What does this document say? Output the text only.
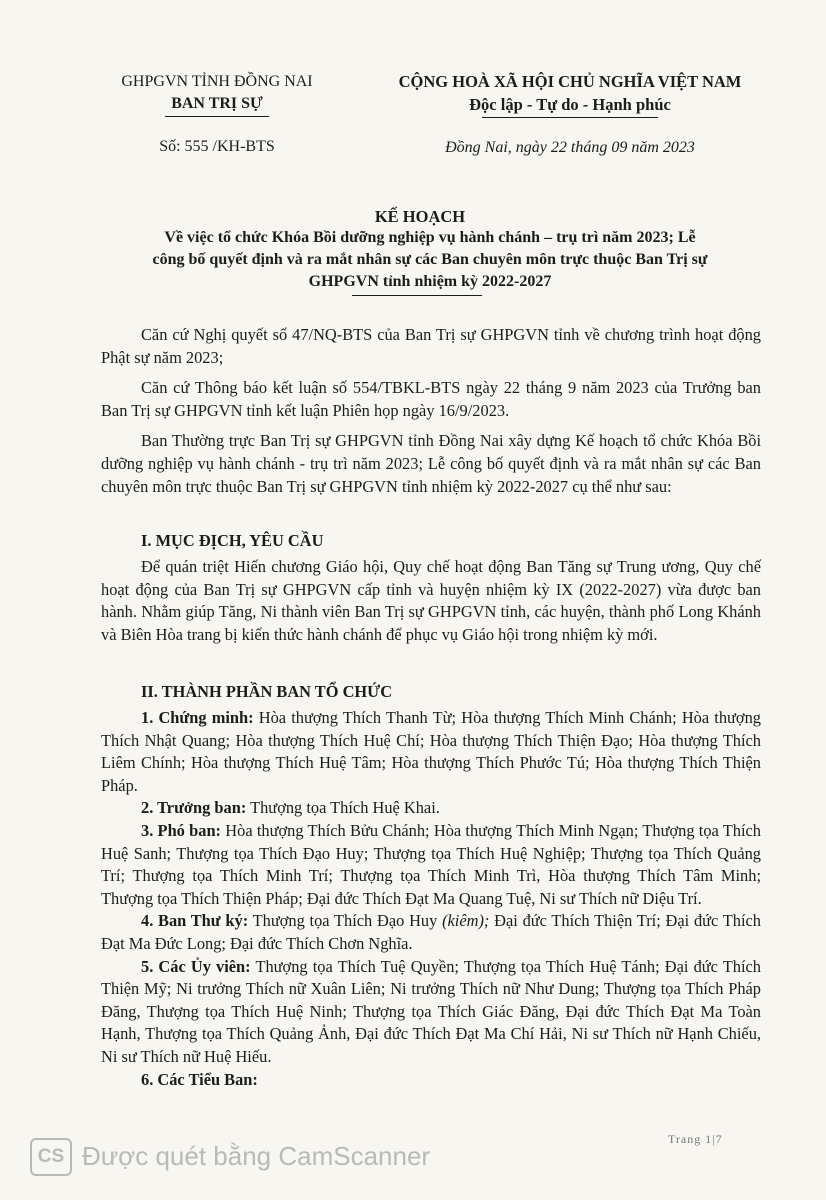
GHPGVN TỈNH ĐỒNG NAI
BAN TRỊ SỰ
Số: 555 /KH-BTS
CỘNG HOÀ XÃ HỘI CHỦ NGHĨA VIỆT NAM
Độc lập - Tự do - Hạnh phúc
Đồng Nai, ngày 22 tháng 09 năm 2023
KẾ HOẠCH
Về việc tổ chức Khóa Bồi dưỡng nghiệp vụ hành chánh – trụ trì năm 2023; Lễ
công bố quyết định và ra mắt nhân sự các Ban chuyên môn trực thuộc Ban Trị sự
GHPGVN tỉnh nhiệm kỳ 2022-2027

Căn cứ Nghị quyết số 47/NQ-BTS của Ban Trị sự GHPGVN tỉnh về chương trình hoạt động Phật sự năm 2023;

Căn cứ Thông báo kết luận số 554/TBKL-BTS ngày 22 tháng 9 năm 2023 của Trưởng ban Ban Trị sự GHPGVN tỉnh kết luận Phiên họp ngày 16/9/2023.

Ban Thường trực Ban Trị sự GHPGVN tỉnh Đồng Nai xây dựng Kế hoạch tổ chức Khóa Bồi dưỡng nghiệp vụ hành chánh - trụ trì năm 2023; Lễ công bố quyết định và ra mắt nhân sự các Ban chuyên môn trực thuộc Ban Trị sự GHPGVN tỉnh nhiệm kỳ 2022-2027 cụ thể như sau:

I. MỤC ĐỊCH, YÊU CẦU

Để quán triệt Hiến chương Giáo hội, Quy chế hoạt động Ban Tăng sự Trung ương, Quy chế hoạt động của Ban Trị sự GHPGVN cấp tỉnh và huyện nhiệm kỳ IX (2022-2027) vừa được ban hành. Nhằm giúp Tăng, Ni thành viên Ban Trị sự GHPGVN tỉnh, các huyện, thành phố Long Khánh và Biên Hòa trang bị kiến thức hành chánh để phục vụ Giáo hội trong nhiệm kỳ mới.

II. THÀNH PHẦN BAN TỔ CHỨC

1. Chứng minh: Hòa thượng Thích Thanh Từ; Hòa thượng Thích Minh Chánh; Hòa thượng Thích Nhật Quang; Hòa thượng Thích Huệ Chí; Hòa thượng Thích Thiện Đạo; Hòa thượng Thích Liêm Chính; Hòa thượng Thích Huệ Tâm; Hòa thượng Thích Phước Tú; Hòa thượng Thích Thiện Pháp.

2. Trưởng ban: Thượng tọa Thích Huệ Khai.

3. Phó ban: Hòa thượng Thích Bửu Chánh; Hòa thượng Thích Minh Ngạn; Thượng tọa Thích Huệ Sanh; Thượng tọa Thích Đạo Huy; Thượng tọa Thích Huệ Nghiệp; Thượng tọa Thích Quảng Trí; Thượng tọa Thích Minh Trí; Thượng tọa Thích Minh Trì, Hòa thượng Thích Tâm Minh; Thượng tọa Thích Thiện Pháp; Đại đức Thích Đạt Ma Quang Tuệ, Ni sư Thích nữ Diệu Trí.

4. Ban Thư ký: Thượng tọa Thích Đạo Huy (kiêm); Đại đức Thích Thiện Trí; Đại đức Thích Đạt Ma Đức Long; Đại đức Thích Chơn Nghĩa.

5. Các Ủy viên: Thượng tọa Thích Tuệ Quyền; Thượng tọa Thích Huệ Tánh; Đại đức Thích Thiện Mỹ; Ni trưởng Thích nữ Xuân Liên; Ni trưởng Thích nữ Như Dung; Thượng tọa Thích Pháp Đăng, Thượng tọa Thích Huệ Ninh; Thượng tọa Thích Giác Đăng, Đại đức Thích Đạt Ma Toàn Hạnh, Thượng tọa Thích Quảng Ảnh, Đại đức Thích Đạt Ma Chí Hải, Ni sư Thích nữ Hạnh Chiếu, Ni sư Thích nữ Huệ Hiếu.

6. Các Tiểu Ban:

Trang 1|7
CS Được quét bằng CamScanner
